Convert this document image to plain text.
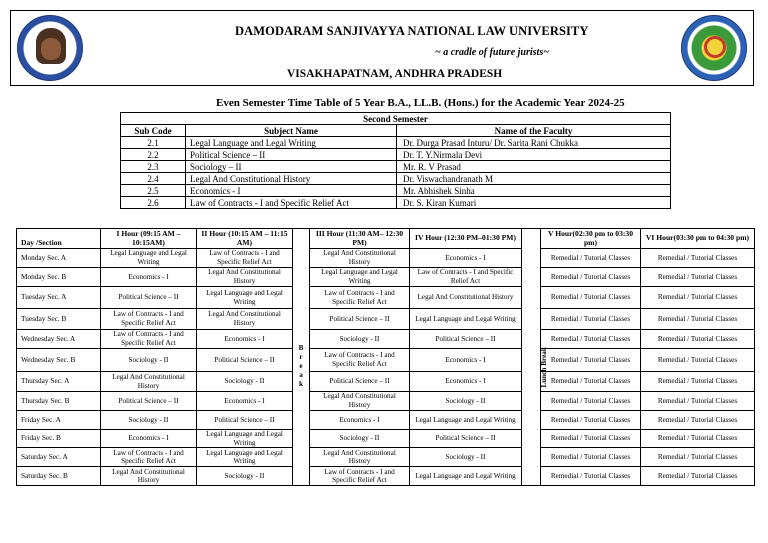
DAMODARAM SANJIVAYYA NATIONAL LAW UNIVERSITY
~ a cradle of future jurists~
VISAKHAPATNAM, ANDHRA PRADESH
Even Semester Time Table of 5 Year B.A., LL.B. (Hons.) for the Academic Year 2024-25
Second Semester		
Sub Code	Subject Name	Name of the Faculty
2.1	Legal Language and Legal Writing	Dr. Durga Prasad Inturu/ Dr. Sarita Rani Chukka
2.2	Political Science – II	Dr. T. Y.Nirmala Devi
2.3	Sociology – II	Mr. R. V Prasad
2.4	Legal And Constitutional History	Dr. Viswachandranath M
2.5	Economics - I	Mr. Abhishek Sinha
2.6	Law of Contracts - I and Specific Relief Act	Dr. S. Kiran Kumari
Day /Section	I Hour (09:15 AM – 10:15AM)	II Hour (10:15 AM – 11:15 AM)		III Hour (11:30 AM– 12:30 PM)	IV Hour (12:30 PM–01:30 PM)		V Hour(02:30 pm to 03:30 pm)	VI Hour(03:30 pm to 04:30 pm)
Monday Sec. A	Legal Language and Legal Writing	Law of Contracts - I and Specific Relief Act	Break	Legal And Constitutional History	Economics - I	Lunch Break	Remedial / Tutorial Classes	Remedial / Tutorial Classes
Monday Sec. B	Economics - I	Legal And Constitutional History		Legal Language and Legal Writing	Law of Contracts - I and Specific Relief Act		Remedial / Tutorial Classes	Remedial / Tutorial Classes
Tuesday Sec. A	Political Science – II	Legal Language and Legal Writing		Law of Contracts - I and Specific Relief Act	Legal And Constitutional History		Remedial / Tutorial Classes	Remedial / Tutorial Classes
Tuesday Sec. B	Law of Contracts - I and Specific Relief Act	Legal And Constitutional History		Political Science – II	Legal Language and Legal Writing		Remedial / Tutorial Classes	Remedial / Tutorial Classes
Wednesday Sec. A	Law of Contracts - I and Specific Relief Act	Economics - I		Sociology - II	Political Science – II		Remedial / Tutorial Classes	Remedial / Tutorial Classes
Wednesday Sec. B	Sociology - II	Political Science – II		Law of Contracts - I and Specific Relief Act	Economics - I		Remedial / Tutorial Classes	Remedial / Tutorial Classes
Thursday Sec. A	Legal And Constitutional History	Sociology - II		Political Science – II	Economics - I		Remedial / Tutorial Classes	Remedial / Tutorial Classes
Thursday Sec. B	Political Science – II	Economics - I		Legal And Constitutional History	Sociology - II		Remedial / Tutorial Classes	Remedial / Tutorial Classes
Friday Sec. A	Sociology - II	Political Science – II		Economics - I	Legal Language and Legal Writing		Remedial / Tutorial Classes	Remedial / Tutorial Classes
Friday Sec. B	Economics - I	Legal Language and Legal Writing		Sociology - II	Political Science – II		Remedial / Tutorial Classes	Remedial / Tutorial Classes
Saturday Sec. A	Law of Contracts - I and Specific Relief Act	Legal Language and Legal Writing		Legal And Constitutional History	Sociology - II		Remedial / Tutorial Classes	Remedial / Tutorial Classes
Saturday Sec. B	Legal And Constitutional History	Sociology - II		Law of Contracts - I and Specific Relief Act	Legal Language and Legal Writing		Remedial / Tutorial Classes	Remedial / Tutorial Classes
